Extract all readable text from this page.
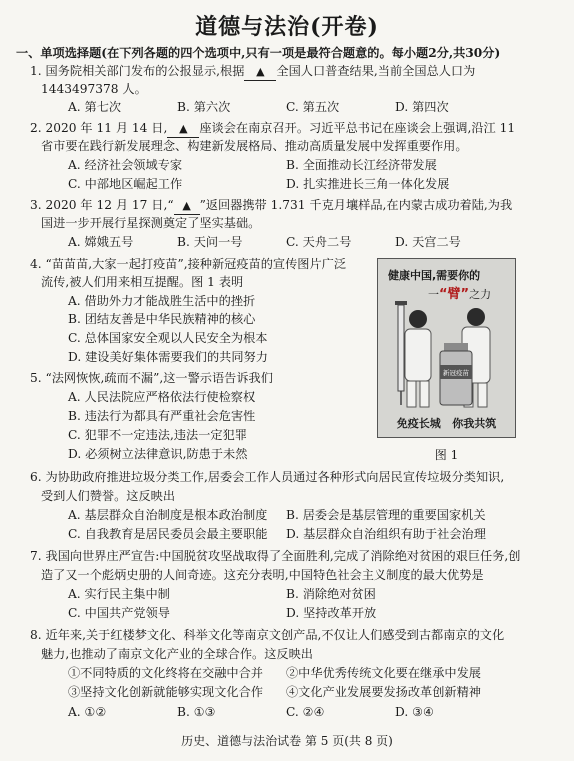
道德与法治(开卷)
一、单项选择题(在下列各题的四个选项中,只有一项是最符合题意的。每小题2分,共30分)
1. 国务院相关部门发布的公报显示,根据 ▲ 全国人口普查结果,当前全国总人口为
1443497378 人。
A. 第七次	B. 第六次	C. 第五次	D. 第四次
2. 2020 年 11 月 14 日, ▲ 座谈会在南京召开。习近平总书记在座谈会上强调,沿江 11
省市要在践行新发展理念、构建新发展格局、推动高质量发展中发挥重要作用。
A. 经济社会领域专家	B. 全面推动长江经济带发展
C. 中部地区崛起工作	D. 扎实推进长三角一体化发展
3. 2020 年 12 月 17 日,“ ▲ ”返回器携带 1.731 千克月壤样品,在内蒙古成功着陆,为我
国进一步开展行星探测奠定了坚实基础。
A. 嫦娥五号	B. 天问一号	C. 天舟二号	D. 天宫二号
4. “苗苗苗,大家一起打疫苗”,接种新冠疫苗的宣传图片广泛
流传,被人们用来相互提醒。图 1 表明
A. 借助外力才能战胜生活中的挫折
B. 团结友善是中华民族精神的核心
C. 总体国家安全观以人民安全为根本
D. 建设美好集体需要我们的共同努力
5. “法网恢恢,疏而不漏”,这一警示语告诉我们
A. 人民法院应严格依法行使检察权
B. 违法行为都具有严重社会危害性
C. 犯罪不一定违法,违法一定犯罪
D. 必须树立法律意识,防患于未然
健康中国,需要你的
一“臂”之力
新冠疫苗
免疫长城   你我共筑
图 1
6. 为协助政府推进垃圾分类工作,居委会工作人员通过各种形式向居民宣传垃圾分类知识,
受到人们赞誉。这反映出
A. 基层群众自治制度是根本政治制度 B. 居委会是基层管理的重要国家机关
C. 自我教育是居民委员会最主要职能 D. 基层群众自治组织有助于社会治理
7. 我国向世界庄严宣告:中国脱贫攻坚战取得了全面胜利,完成了消除绝对贫困的艰巨任务,创
造了又一个彪炳史册的人间奇迹。这充分表明,中国特色社会主义制度的最大优势是
A. 实行民主集中制	B. 消除绝对贫困
C. 中国共产党领导	D. 坚持改革开放
8. 近年来,关于红楼梦文化、科举文化等南京文创产品,不仅让人们感受到古都南京的文化
魅力,也推动了南京文化产业的全球合作。这反映出
①不同特质的文化终将在交融中合并 ②中华优秀传统文化要在继承中发展
③坚持文化创新就能够实现文化合作 ④文化产业发展要发扬改革创新精神
A. ①②	B. ①③	C. ②④	D. ③④
历史、道德与法治试卷 第 5 页(共 8 页)
